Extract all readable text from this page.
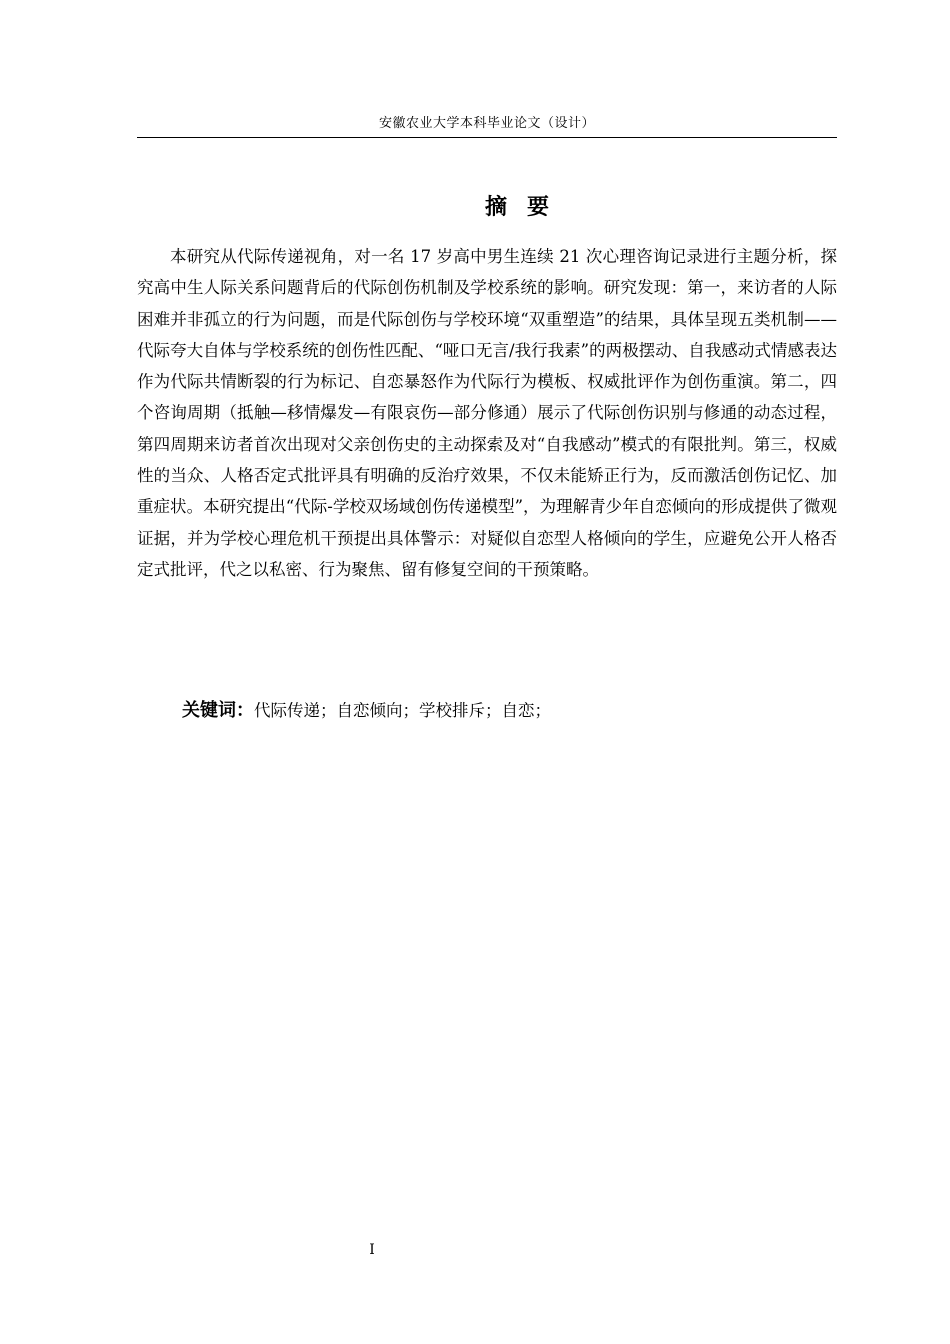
安徽农业大学本科毕业论文（设计）
摘要

本研究从代际传递视角，对一名 17 岁高中男生连续 21 次心理咨询记录进行主题分析，探究高中生人际关系问题背后的代际创伤机制及学校系统的影响。研究发现：第一，来访者的人际困难并非孤立的行为问题，而是代际创伤与学校环境“双重塑造”的结果，具体呈现五类机制——代际夸大自体与学校系统的创伤性匹配、“哑口无言/我行我素”的两极摆动、自我感动式情感表达作为代际共情断裂的行为标记、自恋暴怒作为代际行为模板、权威批评作为创伤重演。第二，四个咨询周期（抵触—移情爆发—有限哀伤—部分修通）展示了代际创伤识别与修通的动态过程，第四周期来访者首次出现对父亲创伤史的主动探索及对“自我感动”模式的有限批判。第三，权威性的当众、人格否定式批评具有明确的反治疗效果，不仅未能矫正行为，反而激活创伤记忆、加重症状。本研究提出“代际-学校双场域创伤传递模型”，为理解青少年自恋倾向的形成提供了微观证据，并为学校心理危机干预提出具体警示：对疑似自恋型人格倾向的学生，应避免公开人格否定式批评，代之以私密、行为聚焦、留有修复空间的干预策略。

关键词：代际传递；自恋倾向；学校排斥；自恋；
I
